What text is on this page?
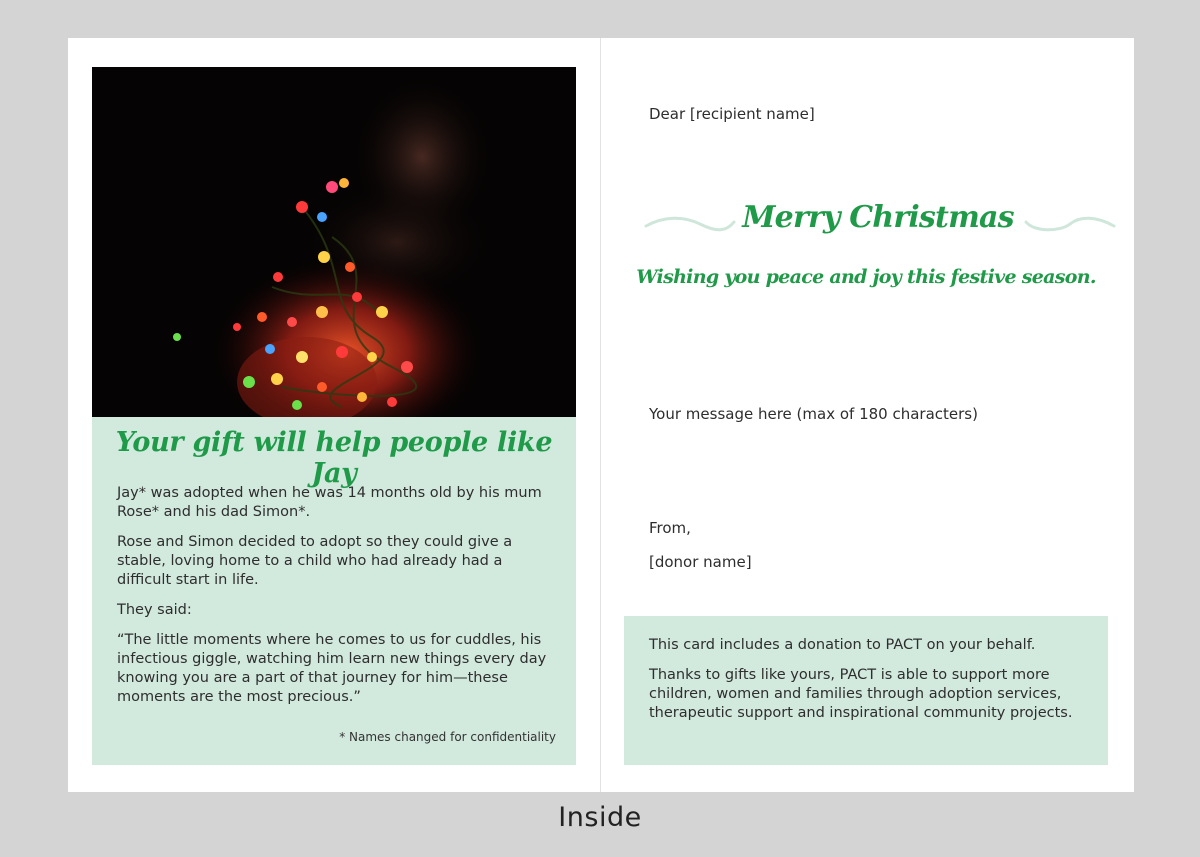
Your gift will help people like Jay

Jay* was adopted when he was 14 months old by his mum Rose* and his dad Simon*.

Rose and Simon decided to adopt so they could give a stable, loving home to a child who had already had a difficult start in life.

They said:

“The little moments where he comes to us for cuddles, his infectious giggle, watching him learn new things every day knowing you are a part of that journey for him—these moments are the most precious.”

* Names changed for confidentiality
Dear [recipient name]
Merry Christmas
Wishing you peace and joy this festive season.
Your message here (max of 180 characters)
From,
[donor name]

This card includes a donation to PACT on your behalf.

Thanks to gifts like yours, PACT is able to support more children, women and families through adoption services, therapeutic support and inspirational community projects.

Inside
